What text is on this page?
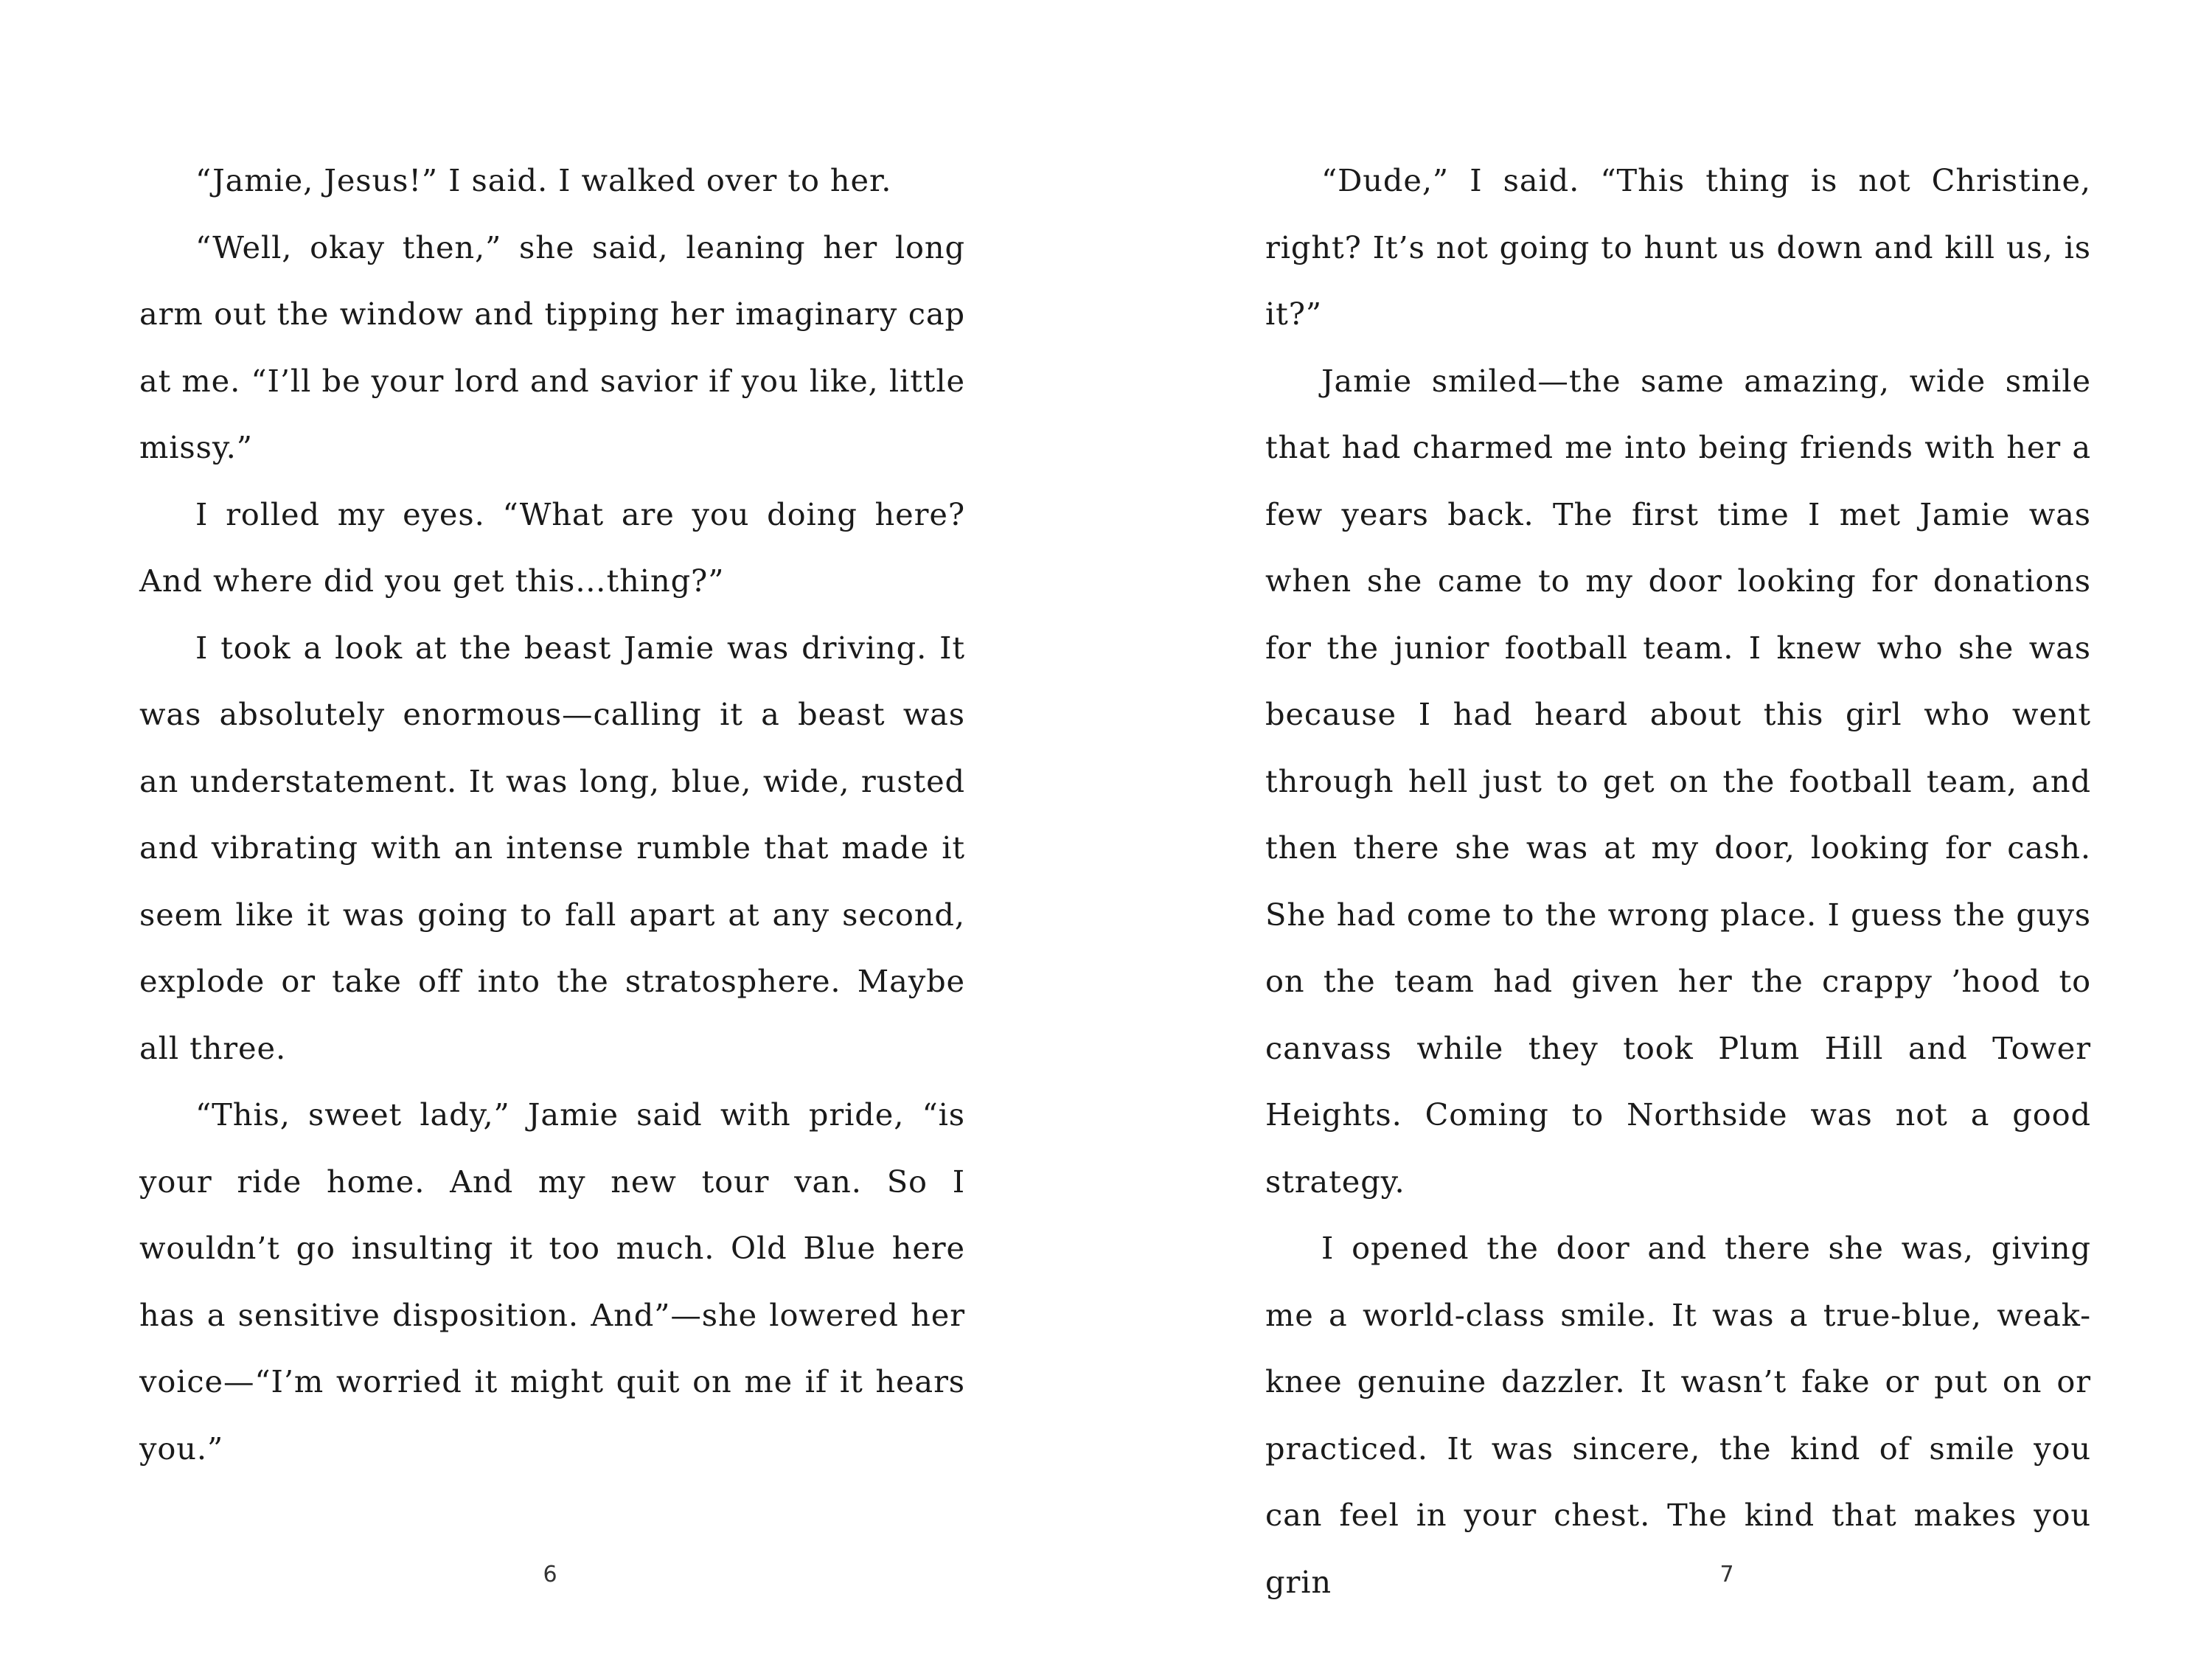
“Jamie, Jesus!” I said. I walked over to her.

“Well, okay then,” she said, leaning her long arm out the window and tipping her imaginary cap at me. “I’ll be your lord and savior if you like, little missy.”

I rolled my eyes. “What are you doing here? And where did you get this…thing?”

I took a look at the beast Jamie was driving. It was absolutely enormous—calling it a beast was an understatement. It was long, blue, wide, rusted and vibrating with an intense rumble that made it seem like it was going to fall apart at any second, explode or take off into the stratosphere. Maybe all three.

“This, sweet lady,” Jamie said with pride, “is your ride home. And my new tour van. So I wouldn’t go insulting it too much. Old Blue here has a sensitive disposition. And”—she lowered her voice—“I’m worried it might quit on me if it hears you.”

6

“Dude,” I said. “This thing is not Christine, right? It’s not going to hunt us down and kill us, is it?”

Jamie smiled—the same amazing, wide smile that had charmed me into being friends with her a few years back. The first time I met Jamie was when she came to my door looking for donations for the junior football team. I knew who she was because I had heard about this girl who went through hell just to get on the football team, and then there she was at my door, looking for cash. She had come to the wrong place. I guess the guys on the team had given her the crappy ’hood to canvass while they took Plum Hill and Tower Heights. Coming to Northside was not a good strategy.

I opened the door and there she was, giving me a world-class smile. It was a true-blue, weak-knee genuine dazzler. It wasn’t fake or put on or practiced. It was sincere, the kind of smile you can feel in your chest. The kind that makes you grin	7
